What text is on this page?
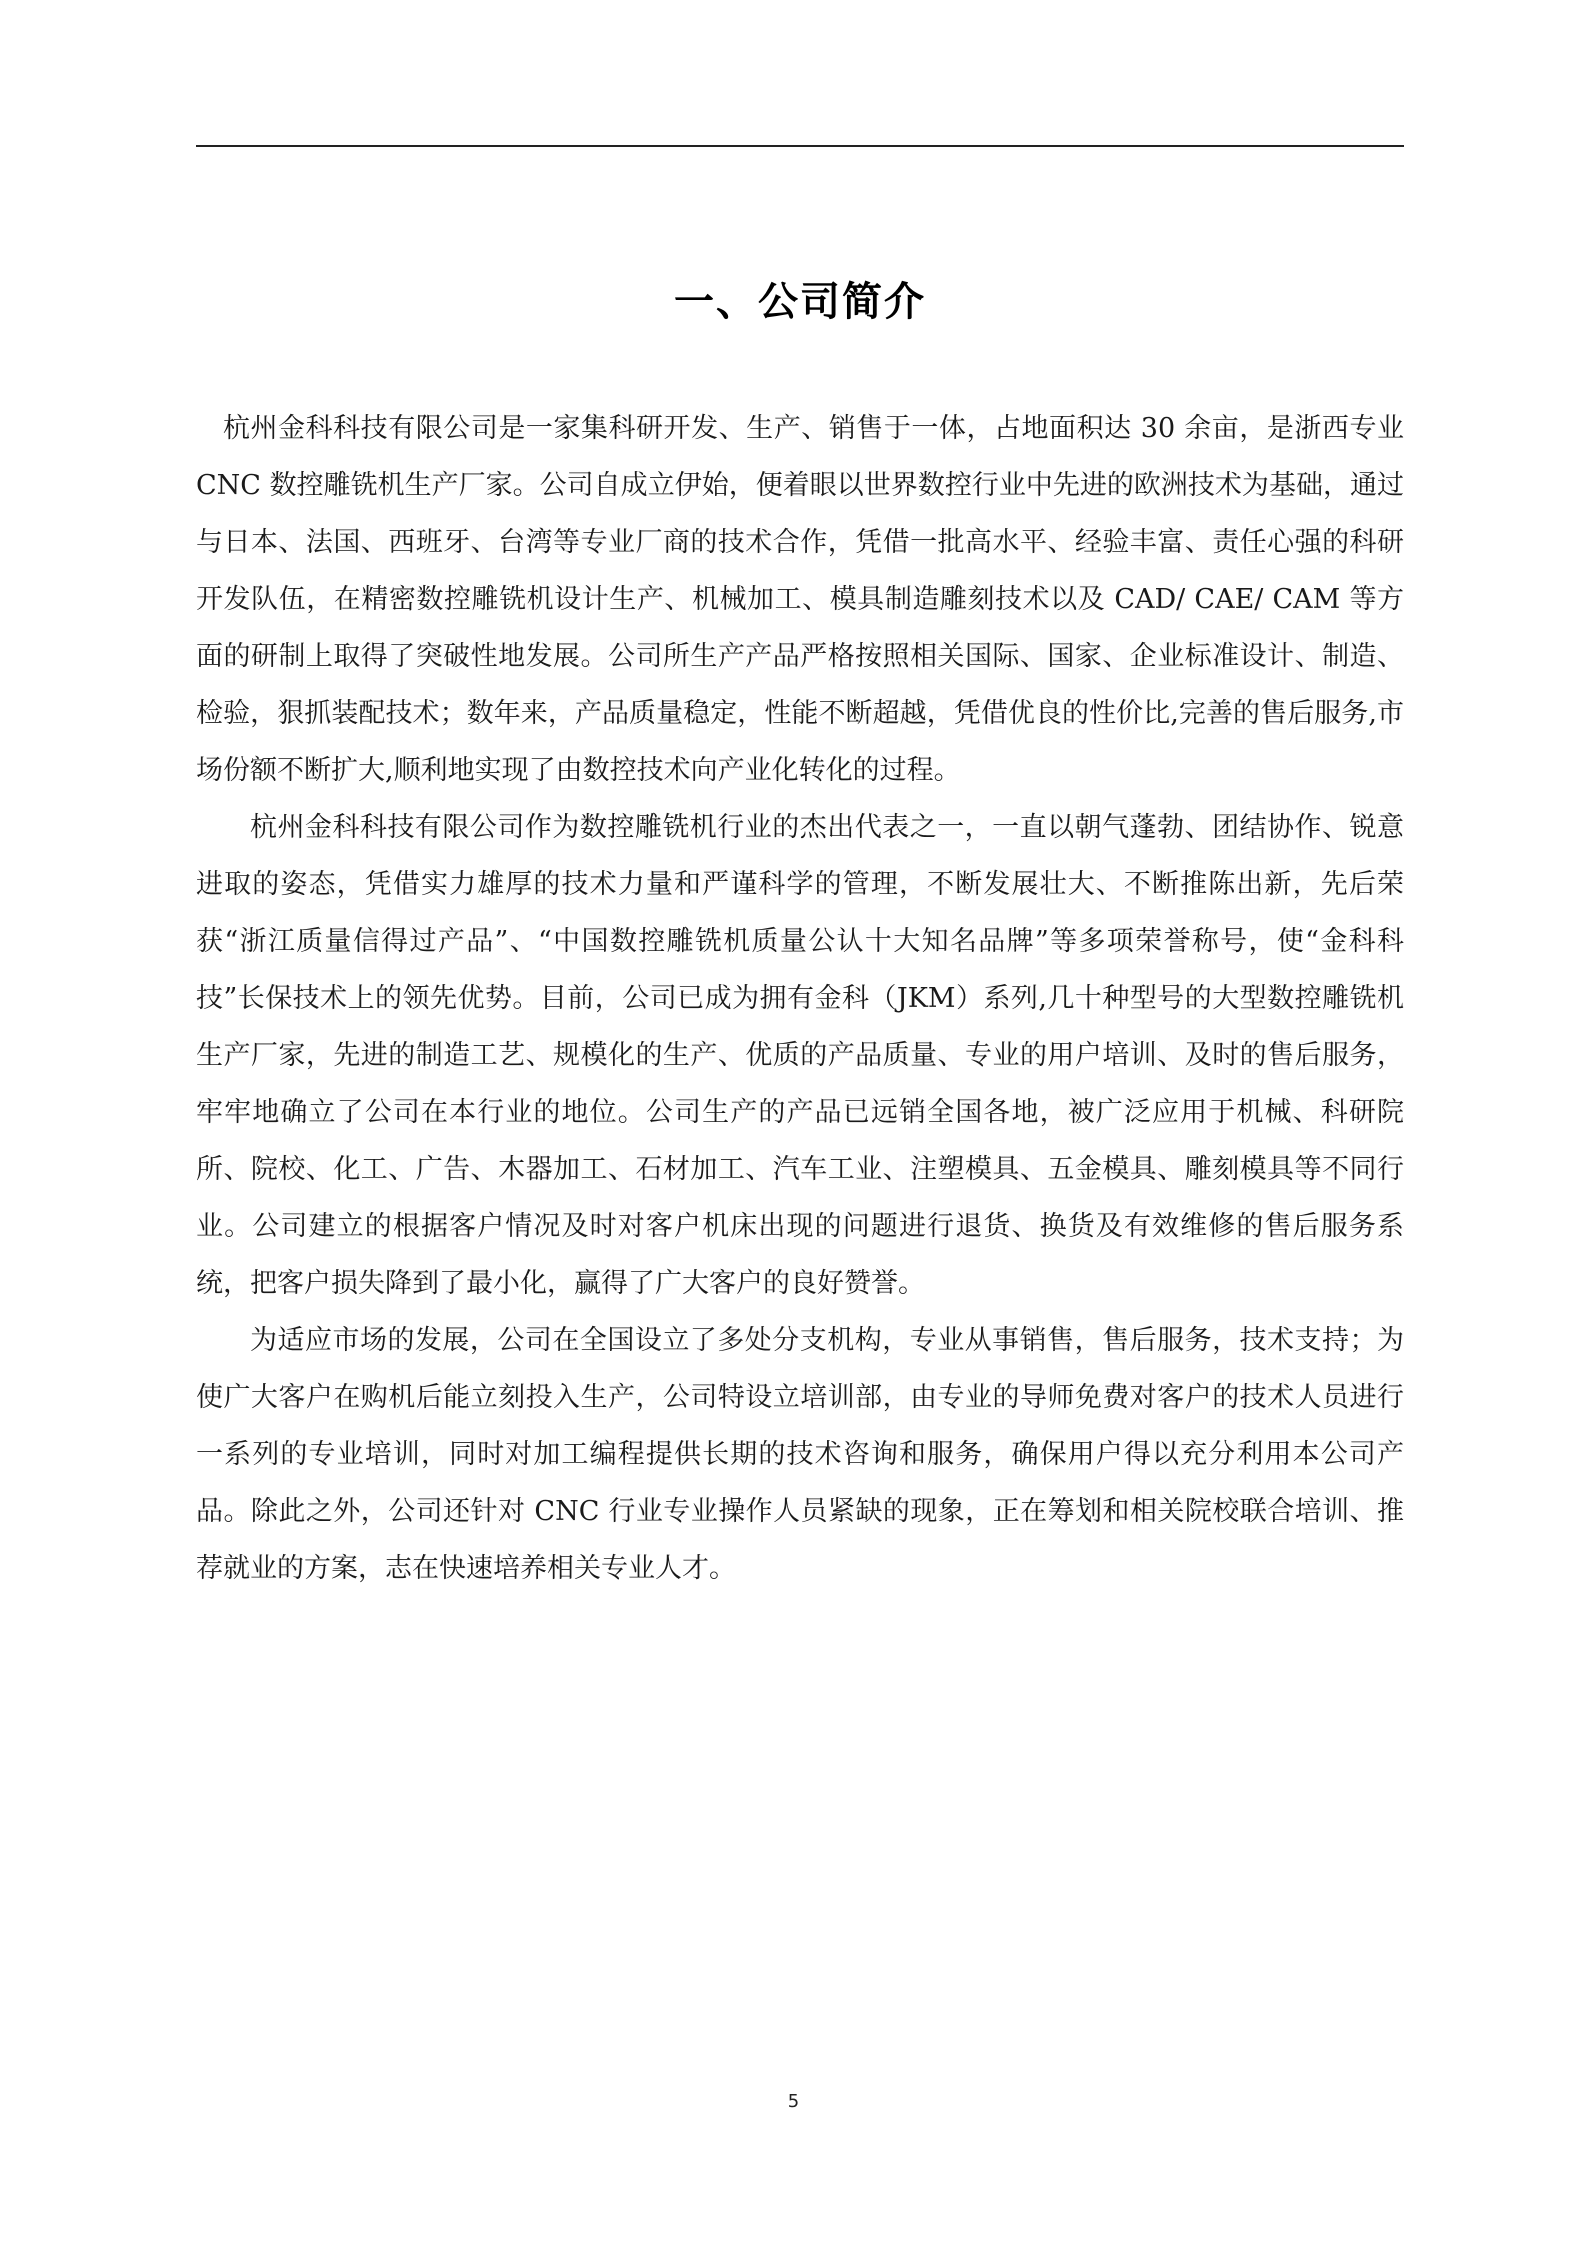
一、公司简介

杭州金科科技有限公司是一家集科研开发、生产、销售于一体，占地面积达 30 余亩，是浙西专业 CNC 数控雕铣机生产厂家。公司自成立伊始，便着眼以世界数控行业中先进的欧洲技术为基础，通过与日本、法国、西班牙、台湾等专业厂商的技术合作，凭借一批高水平、经验丰富、责任心强的科研开发队伍，在精密数控雕铣机设计生产、机械加工、模具制造雕刻技术以及 CAD/ CAE/ CAM 等方面的研制上取得了突破性地发展。公司所生产产品严格按照相关国际、国家、企业标准设计、制造、检验，狠抓装配技术；数年来，产品质量稳定，性能不断超越，凭借优良的性价比,完善的售后服务,市场份额不断扩大,顺利地实现了由数控技术向产业化转化的过程。

杭州金科科技有限公司作为数控雕铣机行业的杰出代表之一，一直以朝气蓬勃、团结协作、锐意进取的姿态，凭借实力雄厚的技术力量和严谨科学的管理，不断发展壮大、不断推陈出新，先后荣获“浙江质量信得过产品”、“中国数控雕铣机质量公认十大知名品牌”等多项荣誉称号，使“金科科技”长保技术上的领先优势。目前，公司已成为拥有金科（JKM）系列,几十种型号的大型数控雕铣机生产厂家，先进的制造工艺、规模化的生产、优质的产品质量、专业的用户培训、及时的售后服务，牢牢地确立了公司在本行业的地位。公司生产的产品已远销全国各地，被广泛应用于机械、科研院所、院校、化工、广告、木器加工、石材加工、汽车工业、注塑模具、五金模具、雕刻模具等不同行业。公司建立的根据客户情况及时对客户机床出现的问题进行退货、换货及有效维修的售后服务系统，把客户损失降到了最小化，赢得了广大客户的良好赞誉。

为适应市场的发展，公司在全国设立了多处分支机构，专业从事销售，售后服务，技术支持；为使广大客户在购机后能立刻投入生产，公司特设立培训部，由专业的导师免费对客户的技术人员进行一系列的专业培训，同时对加工编程提供长期的技术咨询和服务，确保用户得以充分利用本公司产品。除此之外，公司还针对 CNC 行业专业操作人员紧缺的现象，正在筹划和相关院校联合培训、推荐就业的方案，志在快速培养相关专业人才。

5
